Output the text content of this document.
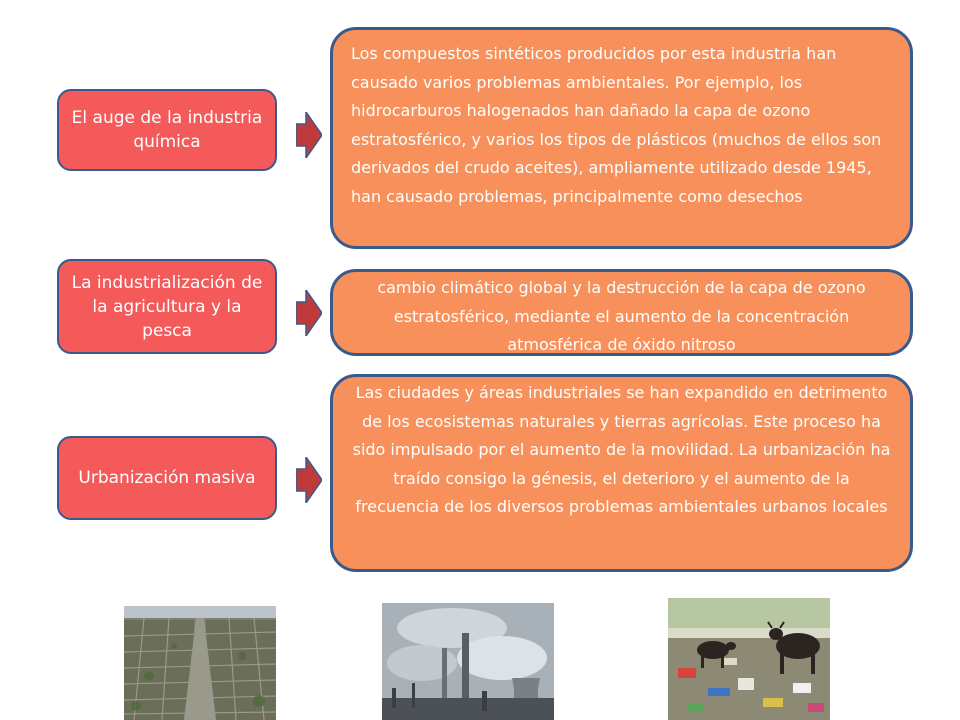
El auge de la industria química
Los compuestos sintéticos producidos por esta industria han causado varios problemas ambientales. Por ejemplo, los hidrocarburos halogenados han dañado la capa de ozono estratosférico, y varios los tipos de plásticos (muchos de ellos son derivados del crudo aceites), ampliamente utilizado desde 1945, han causado problemas, principalmente como desechos
La industrialización de la agricultura y la pesca
cambio climático global y la destrucción de la capa de ozono estratosférico, mediante el aumento de la concentración atmosférica de óxido nitroso
Urbanización masiva
Las ciudades y áreas industriales se han expandido en detrimento de los ecosistemas naturales y tierras agrícolas. Este proceso ha sido impulsado por el aumento de la movilidad. La urbanización ha traído consigo la génesis, el deterioro y el aumento de la frecuencia de los diversos problemas ambientales urbanos locales
